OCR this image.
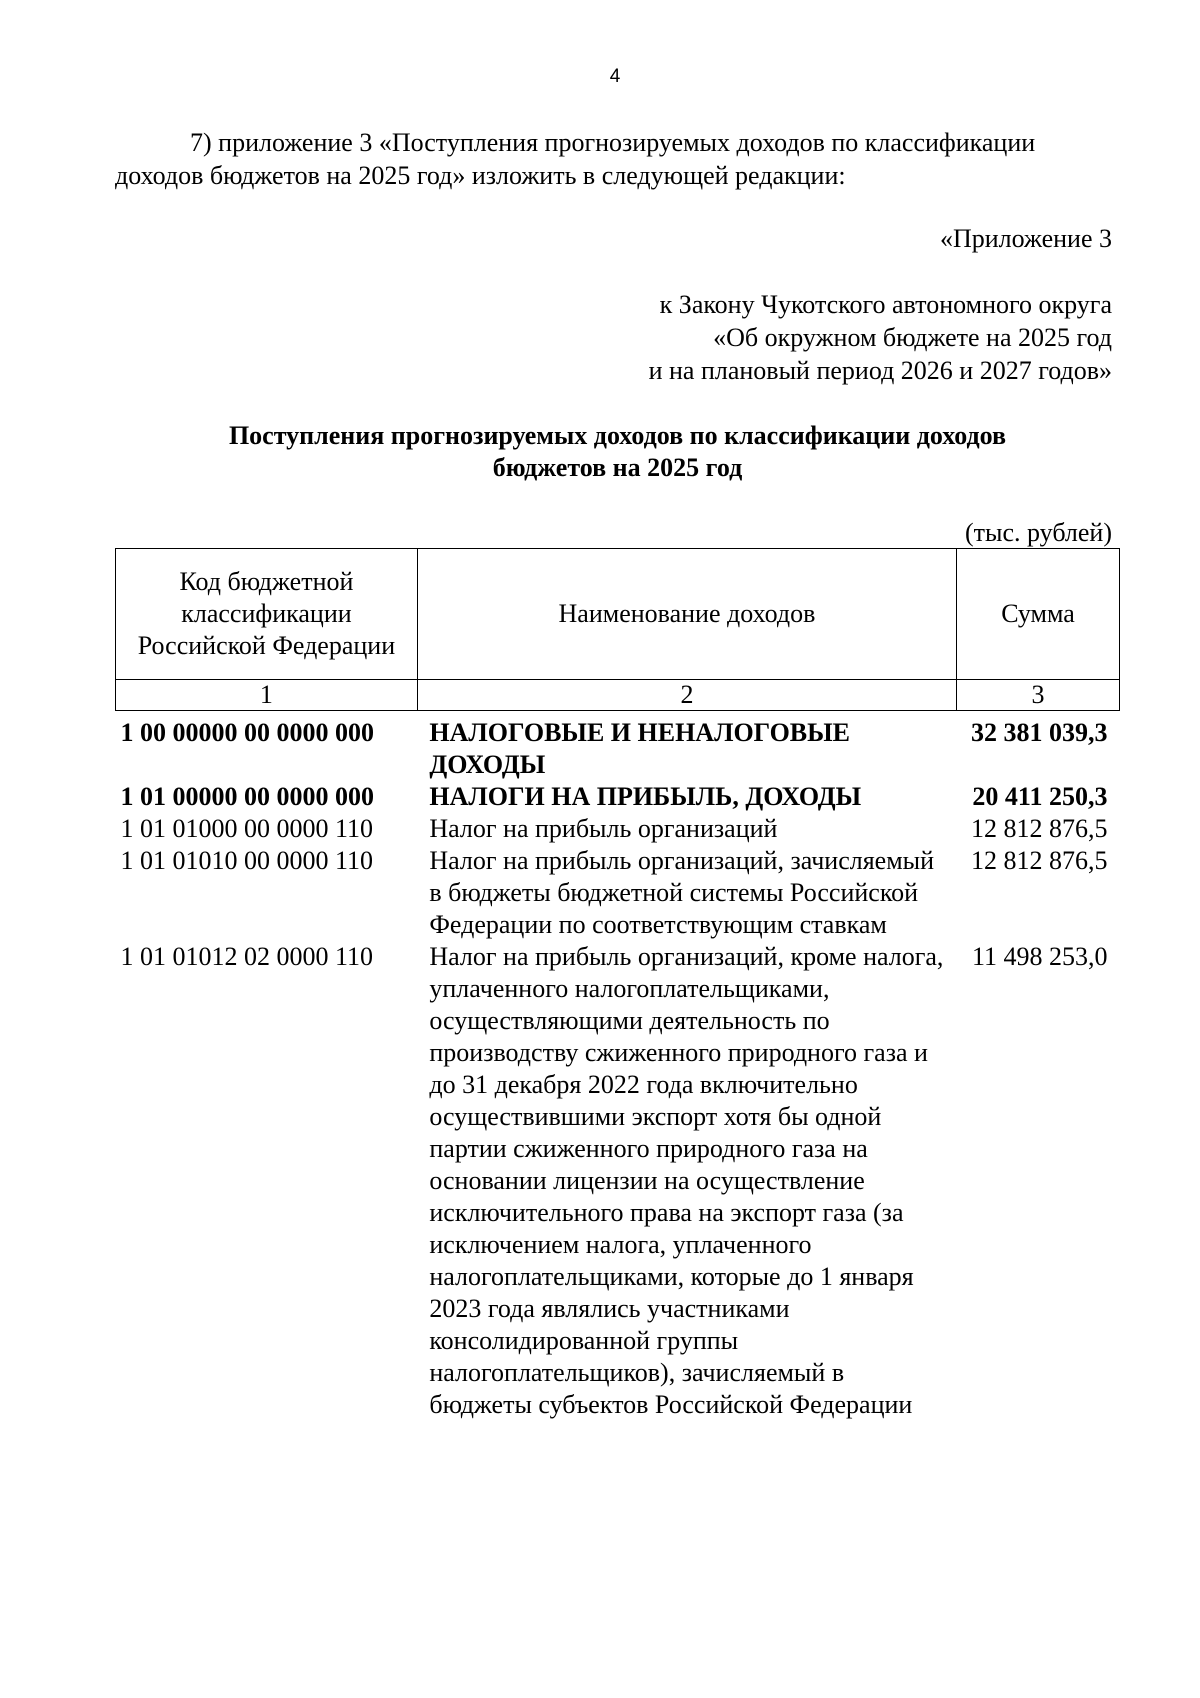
4

7) приложение 3 «Поступления прогнозируемых доходов по классификации
доходов бюджетов на 2025 год» изложить в следующей редакции:

«Приложение 3
к Закону Чукотского автономного округа
«Об окружном бюджете на 2025 год
и на плановый период 2026 и 2027 годов»
Поступления прогнозируемых доходов по классификации доходов
бюджетов на 2025 год
(тыс. рублей)
Код бюджетной классификации Российской Федерации	Наименование доходов	Сумма
1	2	3
1 00 00000 00 0000 000	НАЛОГОВЫЕ И НЕНАЛОГОВЫЕ ДОХОДЫ	32 381 039,3
1 01 00000 00 0000 000	НАЛОГИ НА ПРИБЫЛЬ, ДОХОДЫ	20 411 250,3
1 01 01000 00 0000 110	Налог на прибыль организаций	12 812 876,5
1 01 01010 00 0000 110	Налог на прибыль организаций, зачисляемый в бюджеты бюджетной системы Российской Федерации по соответствующим ставкам	12 812 876,5
1 01 01012 02 0000 110	Налог на прибыль организаций, кроме налога, уплаченного налогоплательщиками, осуществляющими деятельность по производству сжиженного природного газа и до 31 декабря 2022 года включительно осуществившими экспорт хотя бы одной партии сжиженного природного газа на основании лицензии на осуществление исключительного права на экспорт газа (за исключением налога, уплаченного налогоплательщиками, которые до 1 января 2023 года являлись участниками консолидированной группы налогоплательщиков), зачисляемый в бюджеты субъектов Российской Федерации	11 498 253,0
